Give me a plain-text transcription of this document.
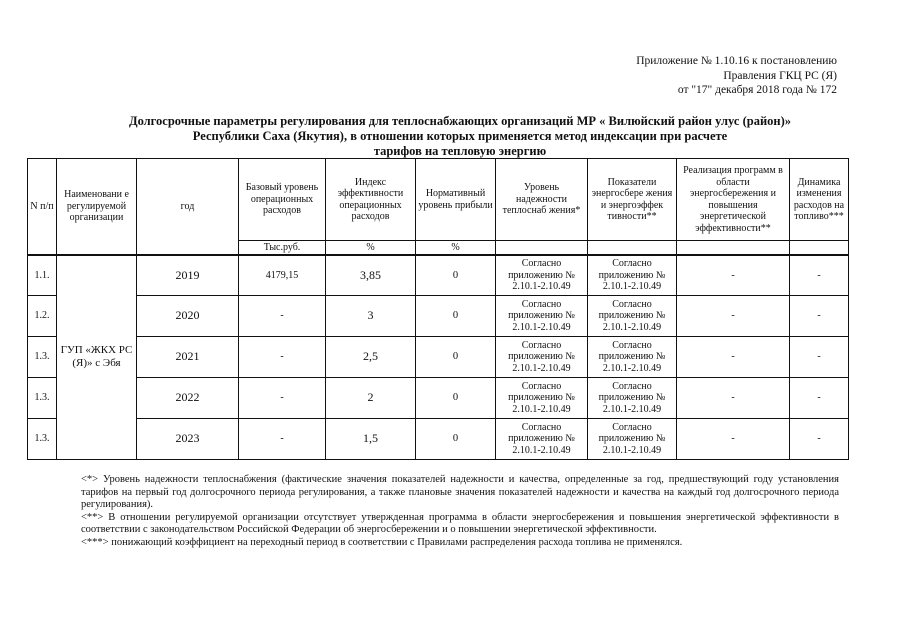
Приложение № 1.10.16 к постановлению
Правления ГКЦ РС (Я)
от "17" декабря 2018 года № 172
Долгосрочные параметры регулирования для теплоснабжающих организаций МР « Вилюйский район улус (район)»
Республики Саха (Якутия), в отношении которых применяется метод индексации при расчете
тарифов на тепловую энергию
N п/п	Наименовани е регулируемой организации	год	Базовый уровень операционных расходов	Индекс эффективности операционных расходов	Нормативный уровень прибыли	Уровень надежности теплоснаб жения*	Показатели энергосбере жения и энергоэффек тивности**	Реализация программ в области энергосбережения и повышения энергетической эффективности**	Динамика изменения расходов на топливо***
			Тыс.руб.	%	%				
1.1.	ГУП «ЖКХ РС (Я)» с Эбя	2019	4179,15	3,85	0	Согласно приложению № 2.10.1-2.10.49	Согласно приложению № 2.10.1-2.10.49	-	-
1.2.		2020	-	3	0	Согласно приложению № 2.10.1-2.10.49	Согласно приложению № 2.10.1-2.10.49	-	-
1.3.		2021	-	2,5	0	Согласно приложению № 2.10.1-2.10.49	Согласно приложению № 2.10.1-2.10.49	-	-
1.3.		2022	-	2	0	Согласно приложению № 2.10.1-2.10.49	Согласно приложению № 2.10.1-2.10.49	-	-
1.3.		2023	-	1,5	0	Согласно приложению № 2.10.1-2.10.49	Согласно приложению № 2.10.1-2.10.49	-	-

<*> Уровень надежности теплоснабжения (фактические значения показателей надежности и качества, определенные за год, предшествующий году установления тарифов на первый год долгосрочного периода регулирования, а также плановые значения показателей надежности и качества на каждый год долгосрочного периода регулирования).

<**> В отношении регулируемой организации отсутствует утвержденная программа в области энергосбережения и повышения энергетической эффективности в соответствии с законодательством Российской Федерации об энергосбережении и о повышении энергетической эффективности.

<***> понижающий коэффициент на переходный период в соответствии с Правилами распределения расхода топлива не применялся.
